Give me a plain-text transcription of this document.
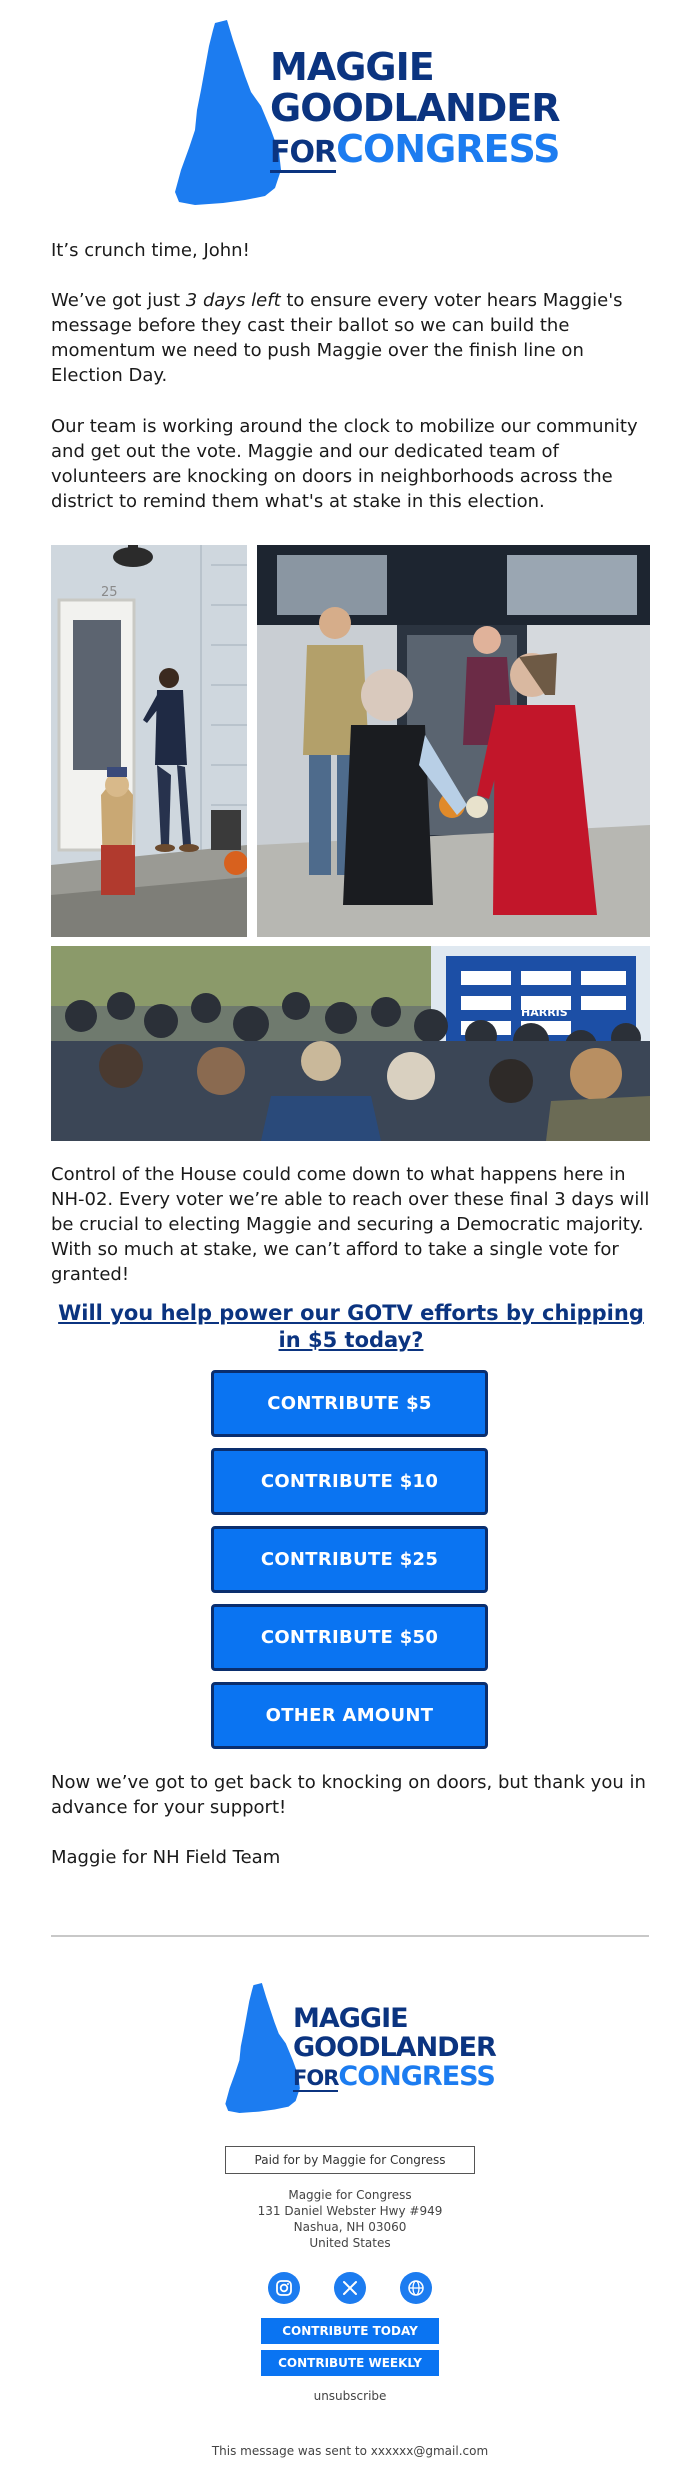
MAGGIE
GOODLANDER
FORCONGRESS
It’s crunch time, John!
We’ve got just 3 days left to ensure every voter hears Maggie's message before they cast their ballot so we can build the momentum we need to push Maggie over the finish line on Election Day.
Our team is working around the clock to mobilize our community and get out the vote. Maggie and our dedicated team of volunteers are knocking on doors in neighborhoods across the district to remind them what's at stake in this election.
25
HARRIS
Control of the House could come down to what happens here in NH-02. Every voter we’re able to reach over these final 3 days will be crucial to electing Maggie and securing a Democratic majority. With so much at stake, we can’t afford to take a single vote for granted!
Will you help power our GOTV efforts by chipping in $5 today?
CONTRIBUTE $5
CONTRIBUTE $10
CONTRIBUTE $25
CONTRIBUTE $50
OTHER AMOUNT
Now we’ve got to get back to knocking on doors, but thank you in advance for your support!
Maggie for NH Field Team
MAGGIE
GOODLANDER
FORCONGRESS
Paid for by Maggie for Congress
Maggie for Congress
131 Daniel Webster Hwy #949
Nashua, NH 03060
United States
CONTRIBUTE TODAY
CONTRIBUTE WEEKLY
unsubscribe
This message was sent to xxxxxx@gmail.com
